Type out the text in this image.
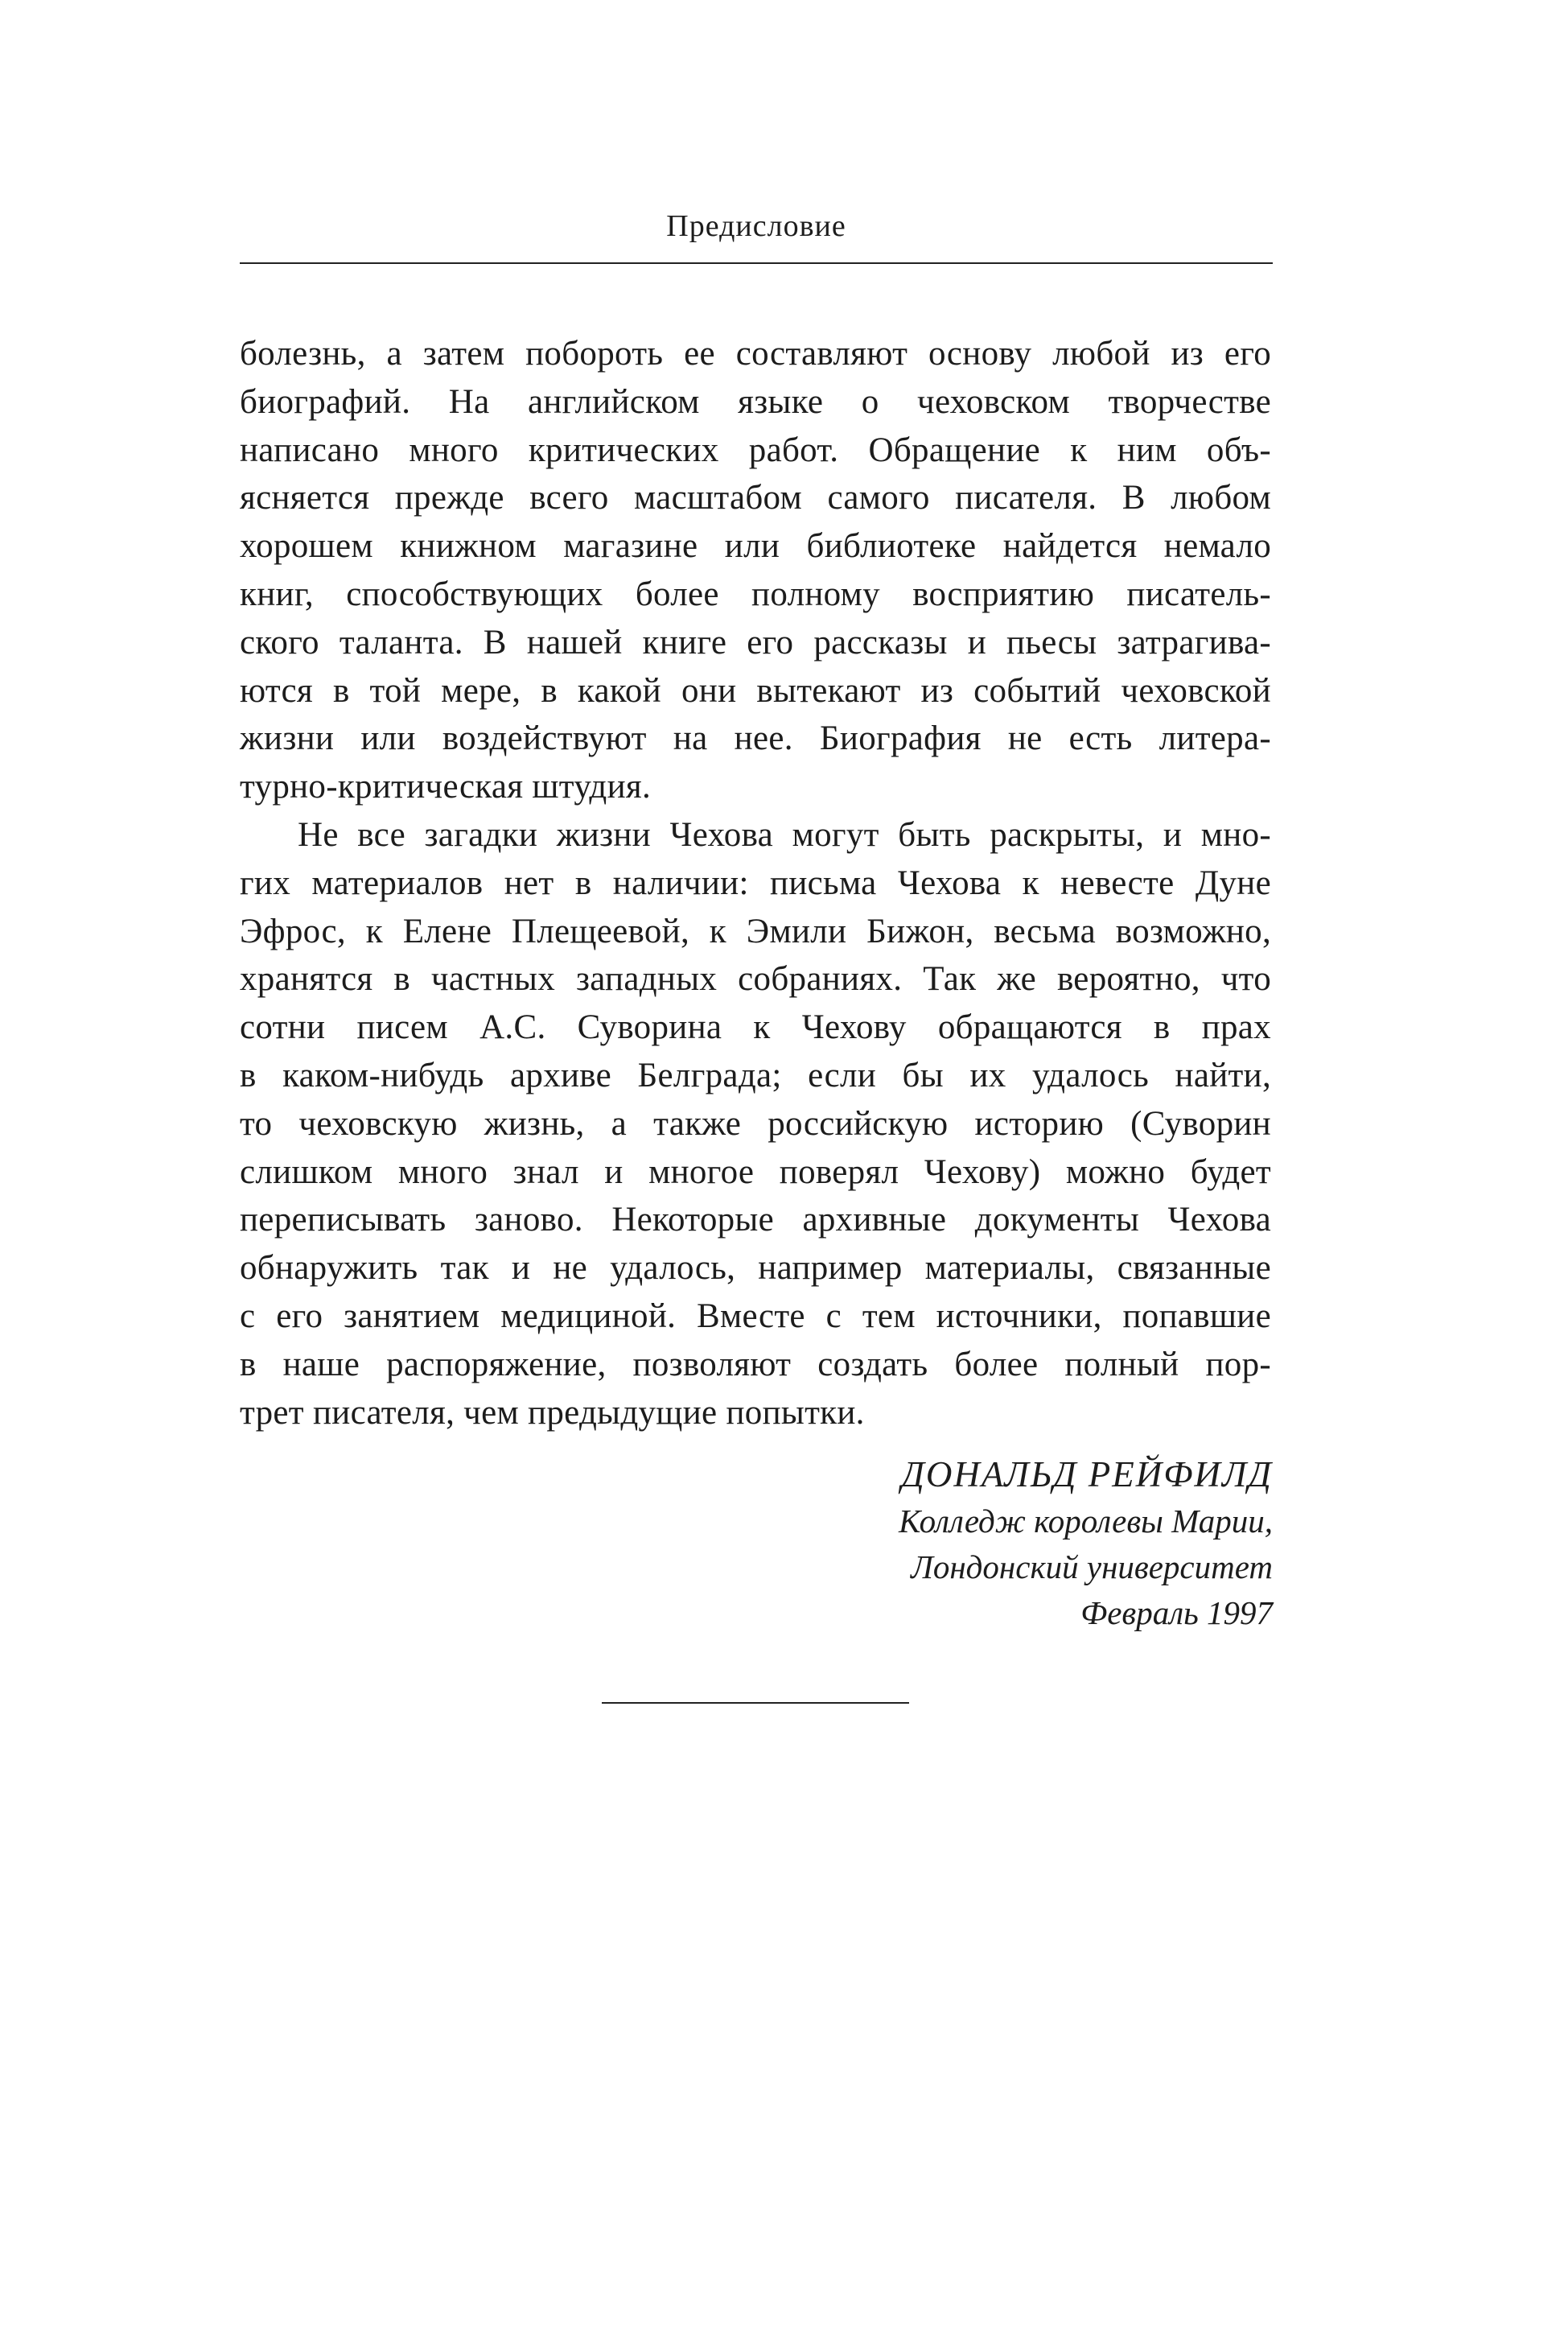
Предисловие
болезнь, а затем побороть ее составляют основу любой из его
биографий. На английском языке о чеховском творчестве
написано много критических работ. Обращение к ним объ-
ясняется прежде всего масштабом самого писателя. В любом
хорошем книжном магазине или библиотеке найдется немало
книг, способствующих более полному восприятию писатель-
ского таланта. В нашей книге его рассказы и пьесы затрагива-
ются в той мере, в какой они вытекают из событий чеховской
жизни или воздействуют на нее. Биография не есть литера-
турно-критическая штудия.
Не все загадки жизни Чехова могут быть раскрыты, и мно-
гих материалов нет в наличии: письма Чехова к невесте Дуне
Эфрос, к Елене Плещеевой, к Эмили Бижон, весьма возможно,
хранятся в частных западных собраниях. Так же вероятно, что
сотни писем А.С. Суворина к Чехову обращаются в прах
в каком-нибудь архиве Белграда; если бы их удалось найти,
то чеховскую жизнь, а также российскую историю (Суворин
слишком много знал и многое поверял Чехову) можно будет
переписывать заново. Некоторые архивные документы Чехова
обнаружить так и не удалось, например материалы, связанные
с его занятием медициной. Вместе с тем источники, попавшие
в наше распоряжение, позволяют создать более полный пор-
трет писателя, чем предыдущие попытки.
ДОНАЛЬД РЕЙФИЛД
Колледж королевы Марии,
Лондонский университет
Февраль 1997
